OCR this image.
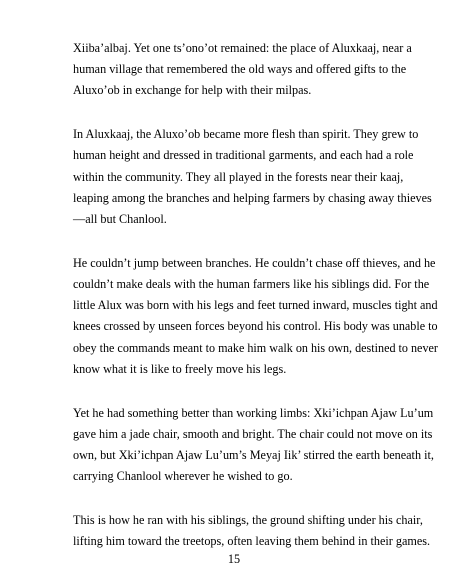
Xiibaʼalbaj. Yet one tsʼonoʼot remained: the place of Aluxkaaj, near a
human village that remembered the old ways and offered gifts to the
Aluxoʼob in exchange for help with their milpas.
In Aluxkaaj, the Aluxoʼob became more flesh than spirit. They grew to
human height and dressed in traditional garments, and each had a role
within the community. They all played in the forests near their kaaj,
leaping among the branches and helping farmers by chasing away thieves
—all but Chanlool.
He couldn’t jump between branches. He couldn’t chase off thieves, and he
couldn’t make deals with the human farmers like his siblings did. For the
little Alux was born with his legs and feet turned inward, muscles tight and
knees crossed by unseen forces beyond his control. His body was unable to
obey the commands meant to make him walk on his own, destined to never
know what it is like to freely move his legs.
Yet he had something better than working limbs: Xki’ichpan Ajaw Lu’um
gave him a jade chair, smooth and bright. The chair could not move on its
own, but Xki’ichpan Ajaw Lu’um’s Meyaj Iik’ stirred the earth beneath it,
carrying Chanlool wherever he wished to go.
This is how he ran with his siblings, the ground shifting under his chair,
lifting him toward the treetops, often leaving them behind in their games.
15
